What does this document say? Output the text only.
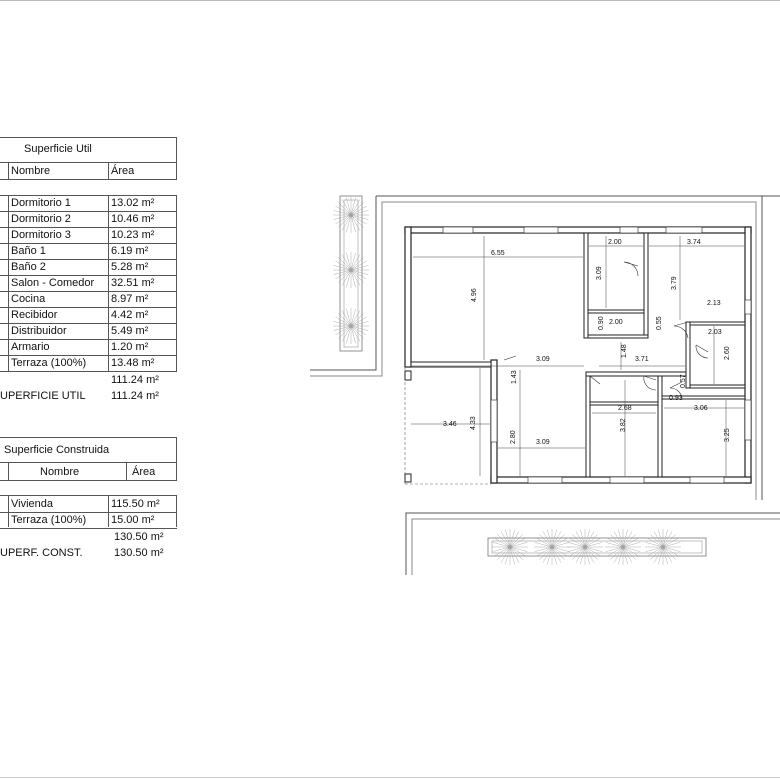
Superficie Util
Nombre	Área
Dormitorio 1	13.02 m²
Dormitorio 2	10.46 m²
Dormitorio 3	10.23 m²
Baño 1	6.19 m²
Baño 2	5.28 m²
Salon - Comedor 32.51 m²
Cocina	8.97 m²
Recibidor	4.42 m²
Distribuidor	5.49 m²
Armario	1.20 m²
Terraza (100%) 13.48 m²
111.24 m²
UPERFICIE UTIL 111.24 m²
Superficie Construida
Nombre	Área
Vivienda	115.50 m²
Terraza (100%) 15.00 m²
130.50 m²
UPERF. CONST.	130.50 m²
6.55
2.00	3.74
3.09
3.79
4.96
2.13
0.90 2.00	0.55
2.03
3.09
1.48
3.71	2.60
1.43	0.57
0.93
2.68	3.06
3.46 4.33
2.80	3.09
3.82
3.25
